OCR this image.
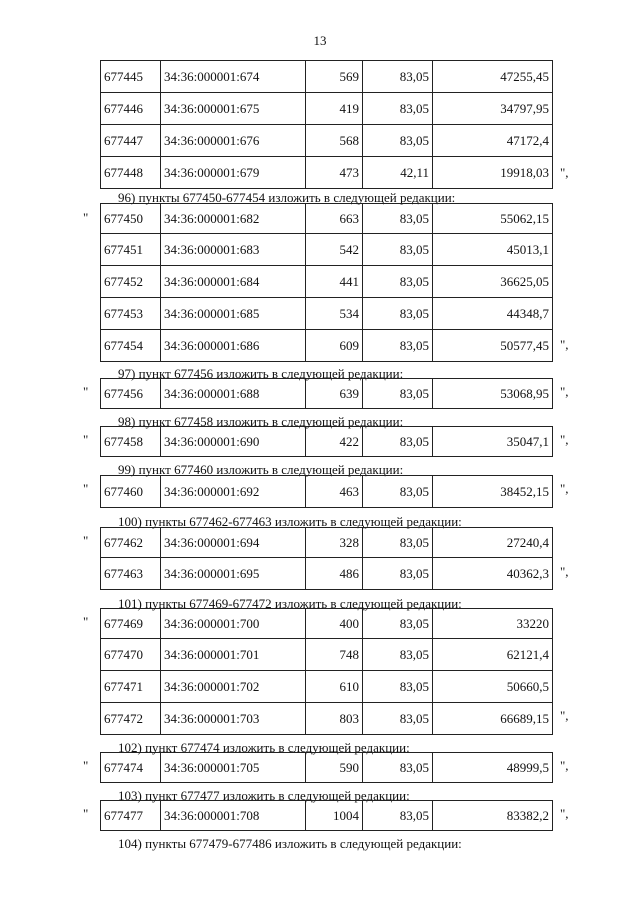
13
677445	34:36:000001:674	569	83,05	47255,45
677446	34:36:000001:675	419	83,05	34797,95
677447	34:36:000001:676	568	83,05	47172,4
677448	34:36:000001:679	473	42,11	19918,03 ",
96) пункты 677450-677454 изложить в следующей редакции:
" 677450	34:36:000001:682	663	83,05	55062,15
677451	34:36:000001:683	542	83,05	45013,1
677452	34:36:000001:684	441	83,05	36625,05
677453	34:36:000001:685	534	83,05	44348,7
677454	34:36:000001:686	609	83,05	50577,45 ",
97) пункт 677456 изложить в следующей редакции:
" 677456	34:36:000001:688	639	83,05	53068,95 ",
98) пункт 677458 изложить в следующей редакции:
" 677458	34:36:000001:690	422	83,05	35047,1 ",
99) пункт 677460 изложить в следующей редакции:
" 677460	34:36:000001:692	463	83,05	38452,15 ",
100) пункты 677462-677463 изложить в следующей редакции:
" 677462	34:36:000001:694	328	83,05	27240,4
677463	34:36:000001:695	486	83,05	40362,3 ",
101) пункты 677469-677472 изложить в следующей редакции:
" 677469	34:36:000001:700	400	83,05	33220
677470	34:36:000001:701	748	83,05	62121,4
677471	34:36:000001:702	610	83,05	50660,5
677472	34:36:000001:703	803	83,05	66689,15 ",
102) пункт 677474 изложить в следующей редакции:
" 677474	34:36:000001:705	590	83,05	48999,5 ",
103) пункт 677477 изложить в следующей редакции:
" 677477	34:36:000001:708	1004	83,05	83382,2 ",
104) пункты 677479-677486 изложить в следующей редакции:
